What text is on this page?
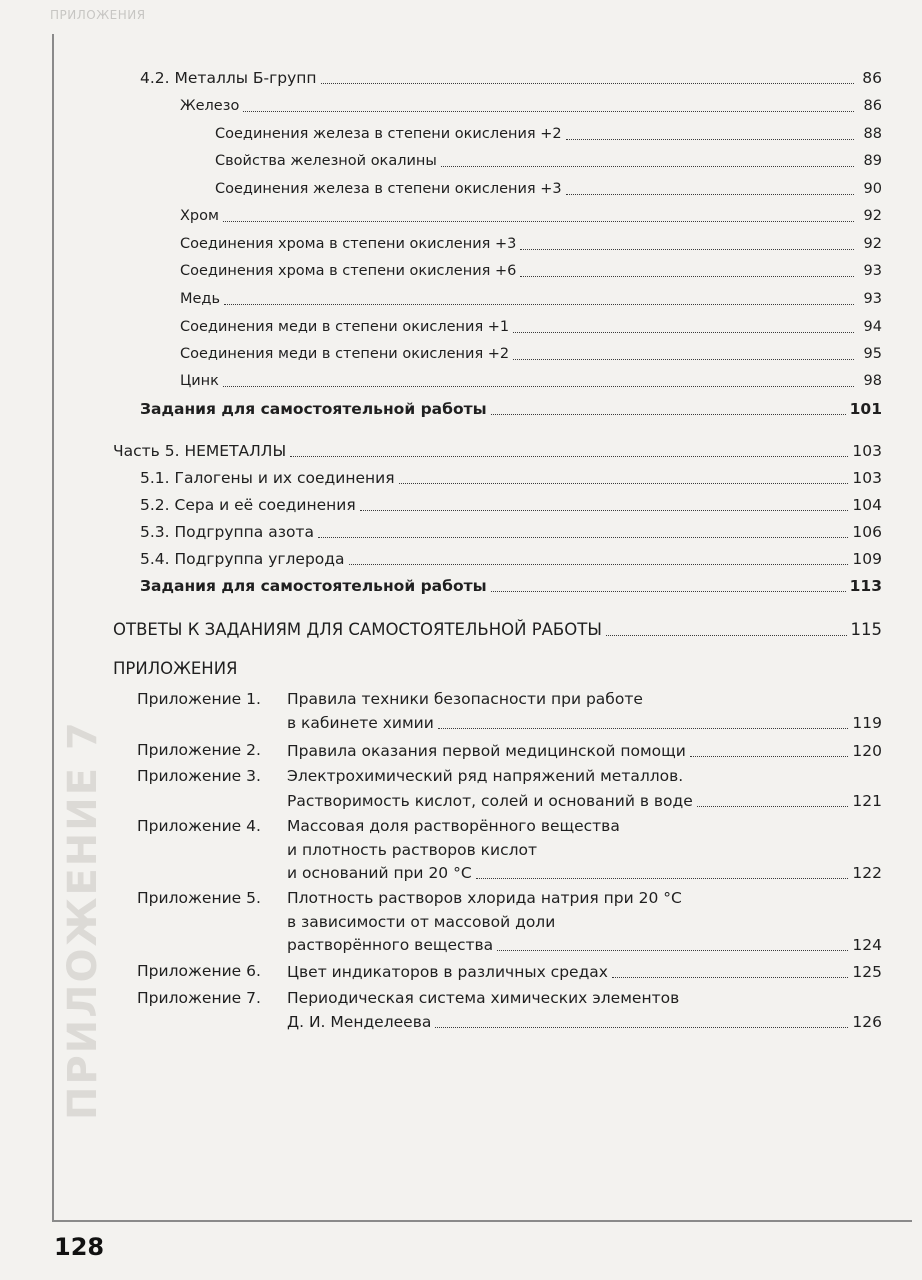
ПРИЛОЖЕНИЯ
ПРИЛОЖЕНИЕ 7
4.2. Металлы Б-групп	86
Железо	86
Соединения железа в степени окисления +2	88
Свойства железной окалины	89
Соединения железа в степени окисления +3	90
Хром	92
Соединения хрома в степени окисления +3	92
Соединения хрома в степени окисления +6	93
Медь	93
Соединения меди в степени окисления +1	94
Соединения меди в степени окисления +2	95
Цинк	98
Задания для самостоятельной работы	101
Часть 5. НЕМЕТАЛЛЫ	103
5.1. Галогены и их соединения	103
5.2. Сера и её соединения	104
5.3. Подгруппа азота	106
5.4. Подгруппа углерода	109
Задания для самостоятельной работы	113
ОТВЕТЫ К ЗАДАНИЯМ ДЛЯ САМОСТОЯТЕЛЬНОЙ РАБОТЫ	115
ПРИЛОЖЕНИЯ
Приложение 1. Правила техники безопасности при работе
в кабинете химии	119
Приложение 2. Правила оказания первой медицинской помощи	120
Приложение 3. Электрохимический ряд напряжений металлов.
Растворимость кислот, солей и оснований в воде	121
Приложение 4. Массовая доля растворённого вещества
и плотность растворов кислот
и оснований при 20 °С	122
Приложение 5. Плотность растворов хлорида натрия при 20 °С
в зависимости от массовой доли
растворённого вещества	124
Приложение 6. Цвет индикаторов в различных средах	125
Приложение 7. Периодическая система химических элементов
Д. И. Менделеева	126
128
